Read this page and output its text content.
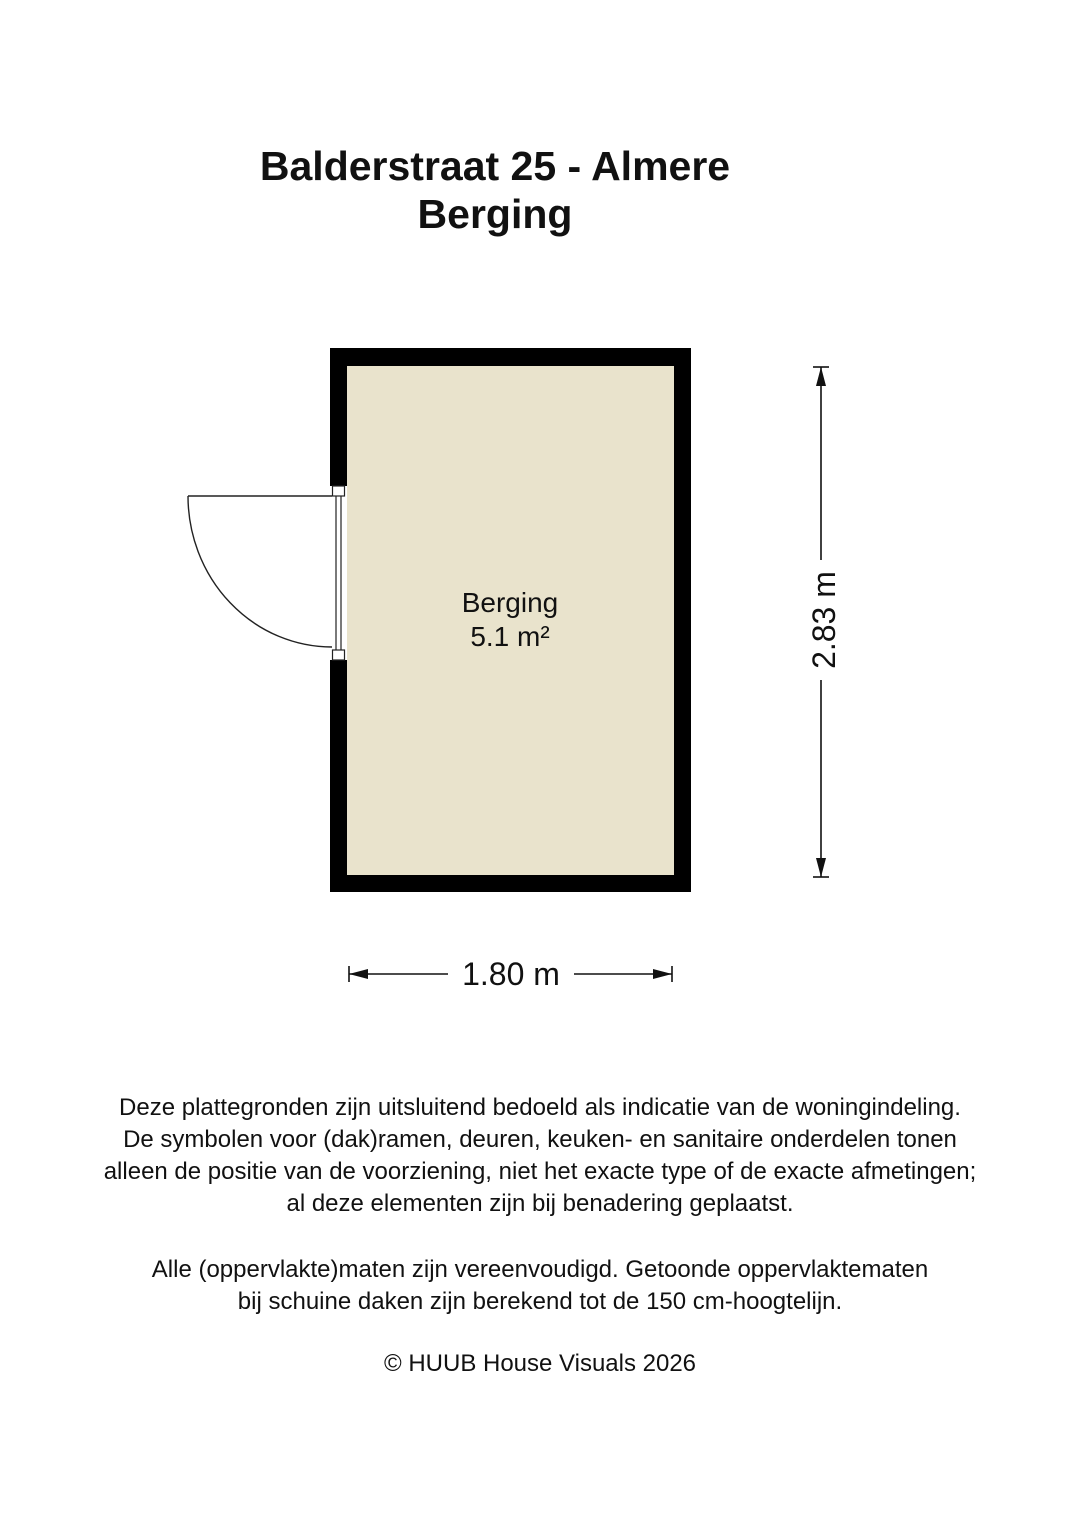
Balderstraat 25 - Almere
Berging
Berging
5.1 m²
1.80 m
2.83 m

Deze plattegronden zijn uitsluitend bedoeld als indicatie van de woningindeling.

De symbolen voor (dak)ramen, deuren, keuken- en sanitaire onderdelen tonen

alleen de positie van de voorziening, niet het exacte type of de exacte afmetingen;

al deze elementen zijn bij benadering geplaatst.

Alle (oppervlakte)maten zijn vereenvoudigd. Getoonde oppervlaktematen

bij schuine daken zijn berekend tot de 150 cm-hoogtelijn.

© HUUB House Visuals 2026
